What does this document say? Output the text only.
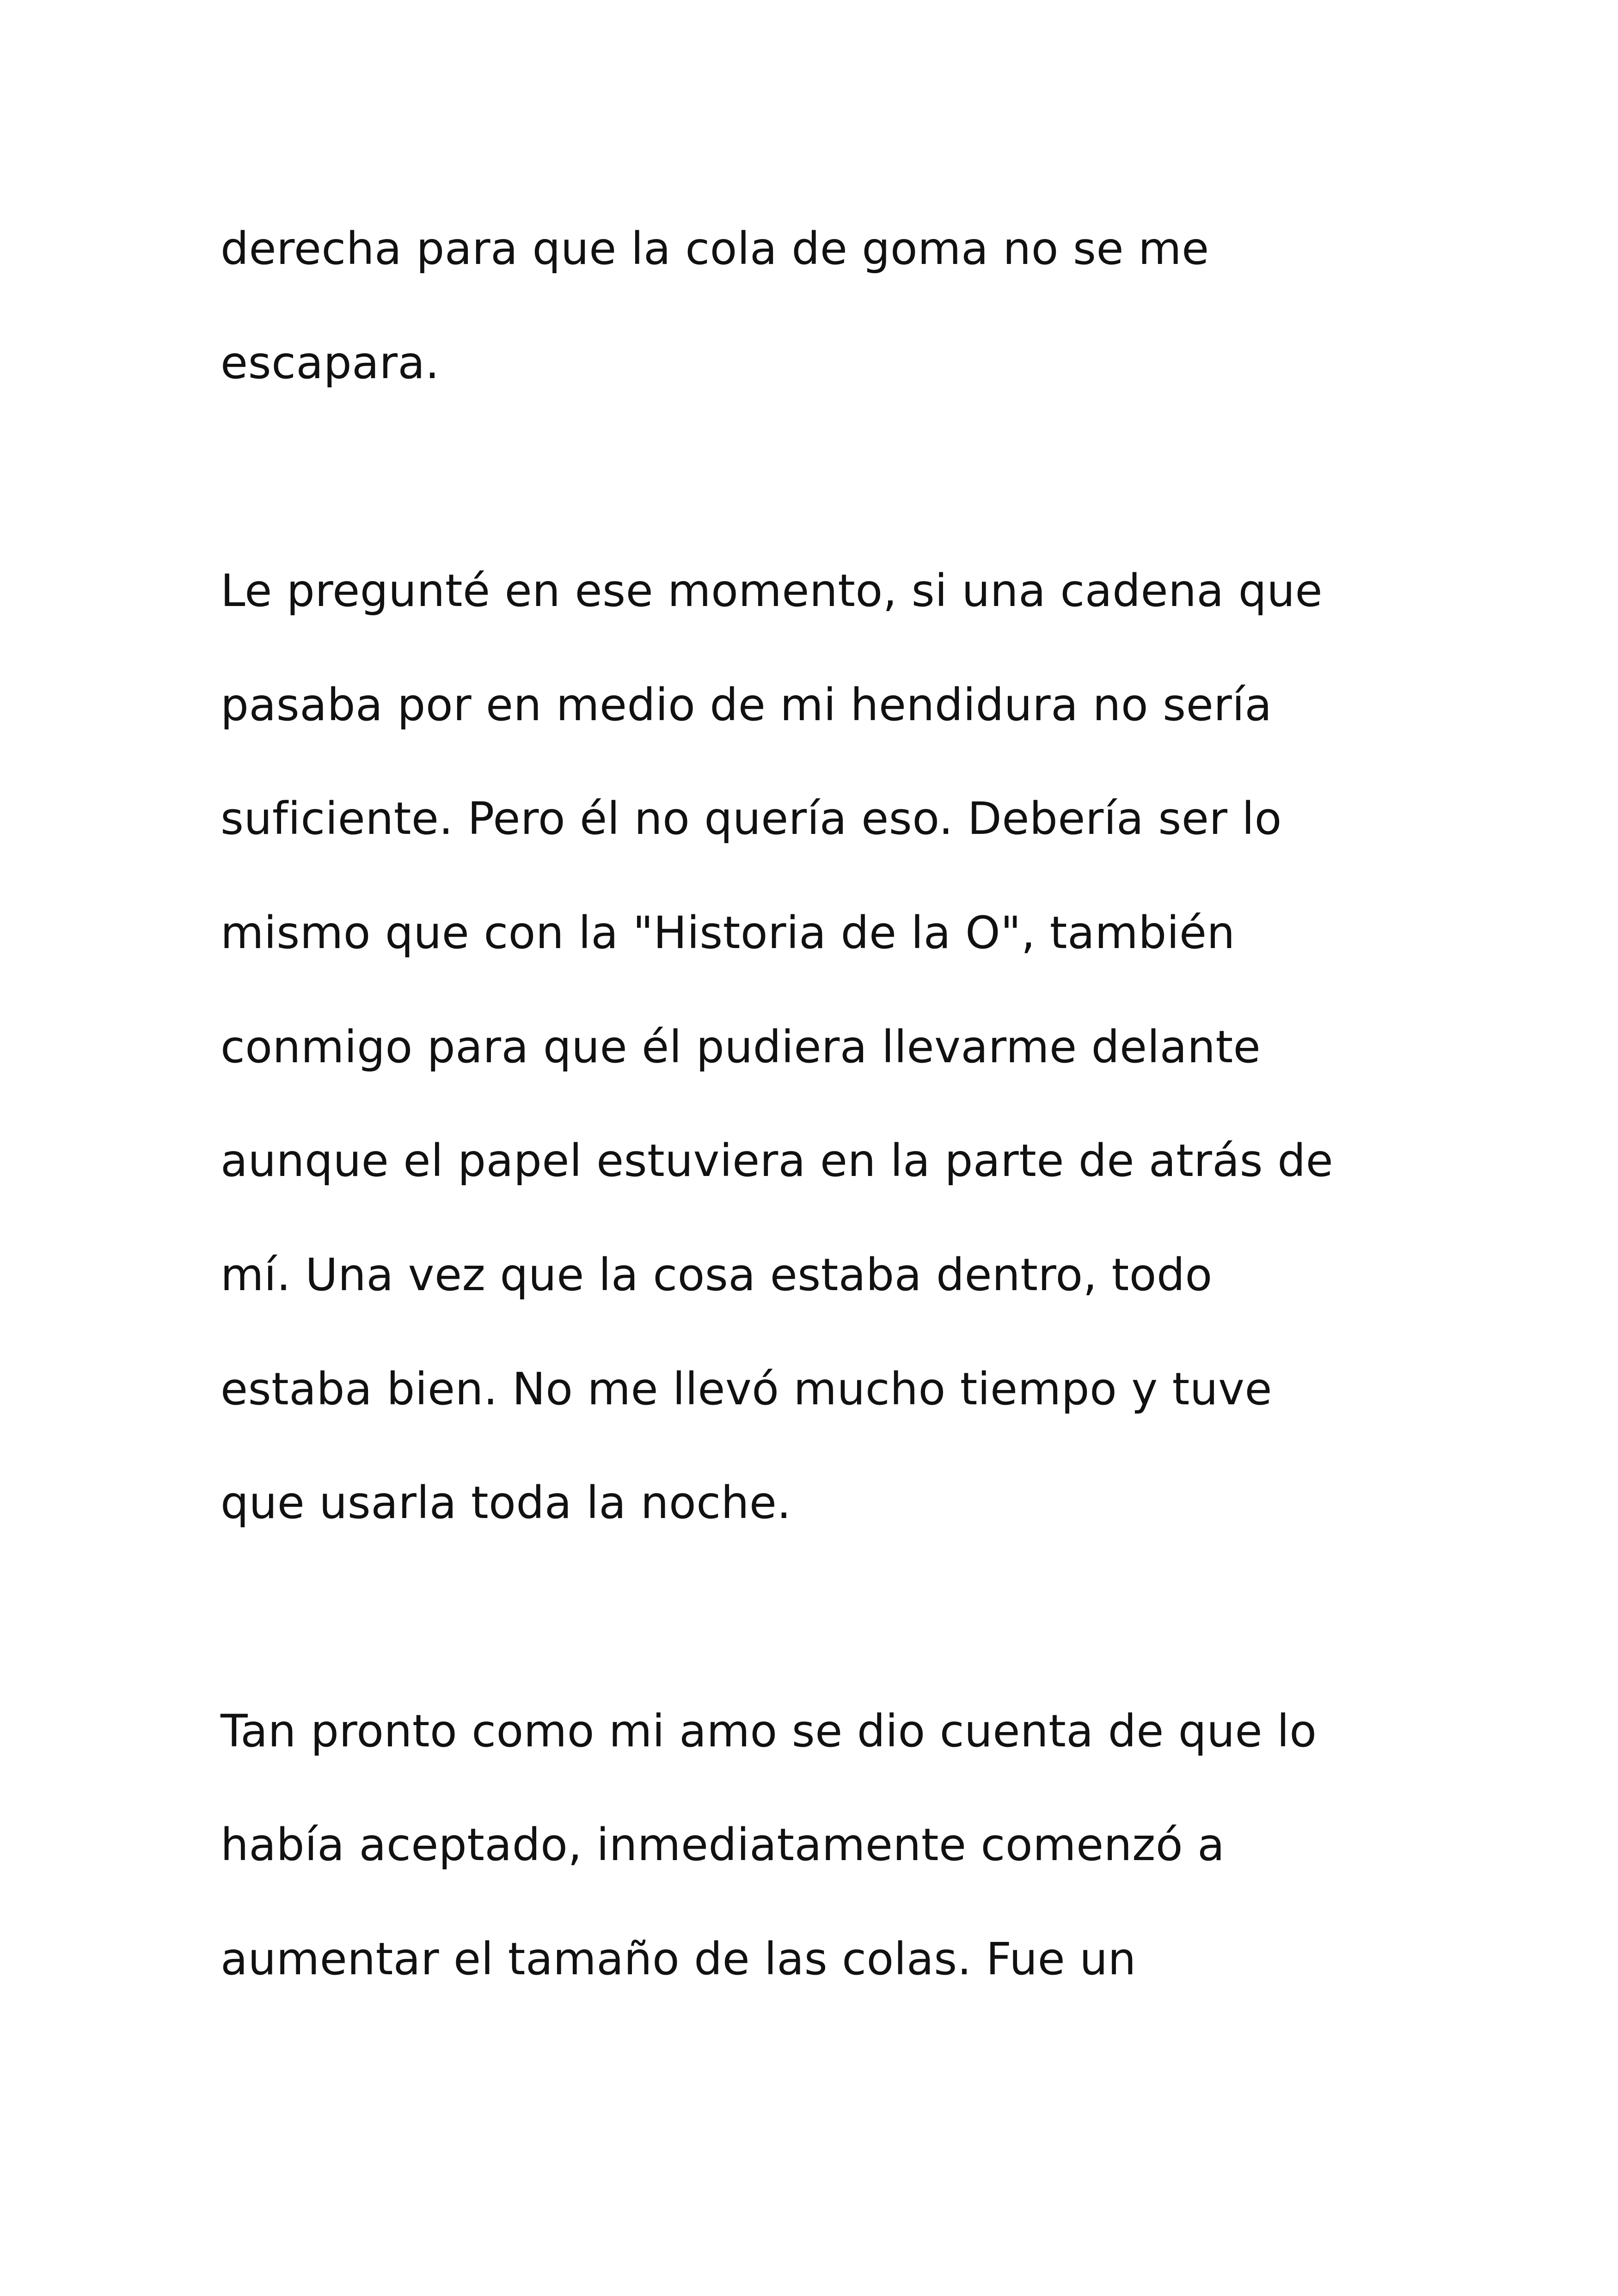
derecha para que la cola de goma no se me
escapara.
Le pregunté en ese momento, si una cadena que
pasaba por en medio de mi hendidura no sería
suficiente. Pero él no quería eso. Debería ser lo
mismo que con la "Historia de la O", también
conmigo para que él pudiera llevarme delante
aunque el papel estuviera en la parte de atrás de
mí. Una vez que la cosa estaba dentro, todo
estaba bien. No me llevó mucho tiempo y tuve
que usarla toda la noche.
Tan pronto como mi amo se dio cuenta de que lo
había aceptado, inmediatamente comenzó a
aumentar el tamaño de las colas. Fue un
